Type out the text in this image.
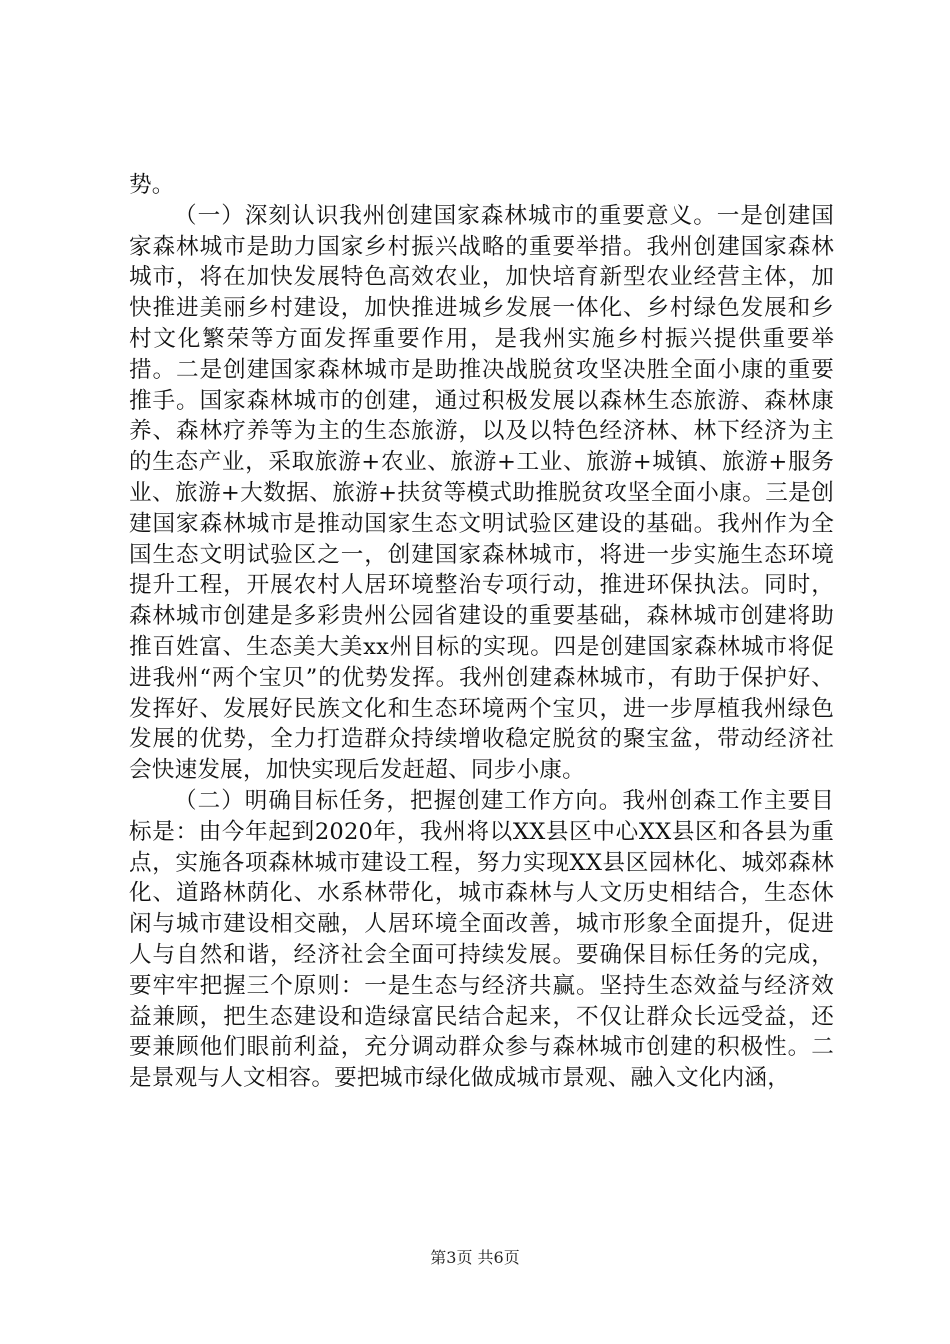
势。

（一）深刻认识我州创建国家森林城市的重要意义。一是创建国家森林城市是助力国家乡村振兴战略的重要举措。我州创建国家森林城市，将在加快发展特色高效农业，加快培育新型农业经营主体，加快推进美丽乡村建设，加快推进城乡发展一体化、乡村绿色发展和乡村文化繁荣等方面发挥重要作用，是我州实施乡村振兴提供重要举措。二是创建国家森林城市是助推决战脱贫攻坚决胜全面小康的重要推手。国家森林城市的创建，通过积极发展以森林生态旅游、森林康养、森林疗养等为主的生态旅游，以及以特色经济林、林下经济为主的生态产业，采取旅游+农业、旅游+工业、旅游+城镇、旅游+服务业、旅游+大数据、旅游+扶贫等模式助推脱贫攻坚全面小康。三是创建国家森林城市是推动国家生态文明试验区建设的基础。我州作为全国生态文明试验区之一，创建国家森林城市，将进一步实施生态环境提升工程，开展农村人居环境整治专项行动，推进环保执法。同时，森林城市创建是多彩贵州公园省建设的重要基础，森林城市创建将助推百姓富、生态美大美xx州目标的实现。四是创建国家森林城市将促进我州“两个宝贝”的优势发挥。我州创建森林城市，有助于保护好、发挥好、发展好民族文化和生态环境两个宝贝，进一步厚植我州绿色发展的优势，全力打造群众持续增收稳定脱贫的聚宝盆，带动经济社会快速发展，加快实现后发赶超、同步小康。

（二）明确目标任务，把握创建工作方向。我州创森工作主要目标是：由今年起到2020年，我州将以XX县区中心XX县区和各县为重点，实施各项森林城市建设工程，努力实现XX县区园林化、城郊森林化、道路林荫化、水系林带化，城市森林与人文历史相结合，生态休闲与城市建设相交融，人居环境全面改善，城市形象全面提升，促进人与自然和谐，经济社会全面可持续发展。要确保目标任务的完成，要牢牢把握三个原则：一是生态与经济共赢。坚持生态效益与经济效益兼顾，把生态建设和造绿富民结合起来，不仅让群众长远受益，还要兼顾他们眼前利益，充分调动群众参与森林城市创建的积极性。二是景观与人文相容。要把城市绿化做成城市景观、融入文化内涵，

第3页 共6页
